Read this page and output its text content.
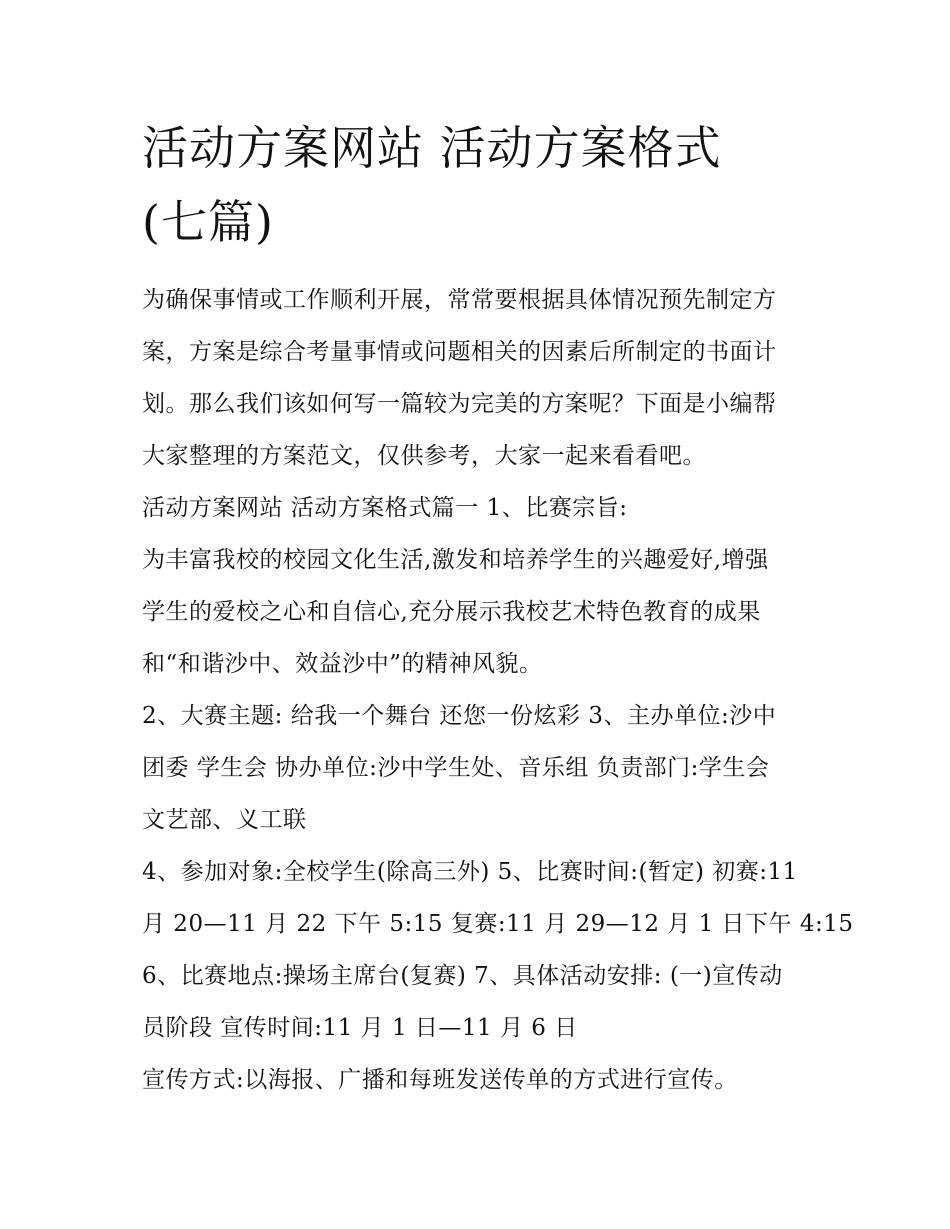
活动方案网站 活动方案格式
(七篇)

为确保事情或工作顺利开展，常常要根据具体情况预先制定方
案，方案是综合考量事情或问题相关的因素后所制定的书面计
划。那么我们该如何写一篇较为完美的方案呢？下面是小编帮
大家整理的方案范文，仅供参考，大家一起来看看吧。

活动方案网站 活动方案格式篇一 1、比赛宗旨:

为丰富我校的校园文化生活,激发和培养学生的兴趣爱好,增强
学生的爱校之心和自信心,充分展示我校艺术特色教育的成果
和“和谐沙中、效益沙中”的精神风貌。

2、大赛主题: 给我一个舞台 还您一份炫彩 3、主办单位:沙中
团委 学生会 协办单位:沙中学生处、音乐组 负责部门:学生会
文艺部、义工联

4、参加对象:全校学生(除高三外) 5、比赛时间:(暂定) 初赛:11
月 20—11 月 22 下午 5:15 复赛:11 月 29—12 月 1 日下午 4:15

6、比赛地点:操场主席台(复赛) 7、具体活动安排: (一)宣传动
员阶段 宣传时间:11 月 1 日—11 月 6 日

宣传方式:以海报、广播和每班发送传单的方式进行宣传。
